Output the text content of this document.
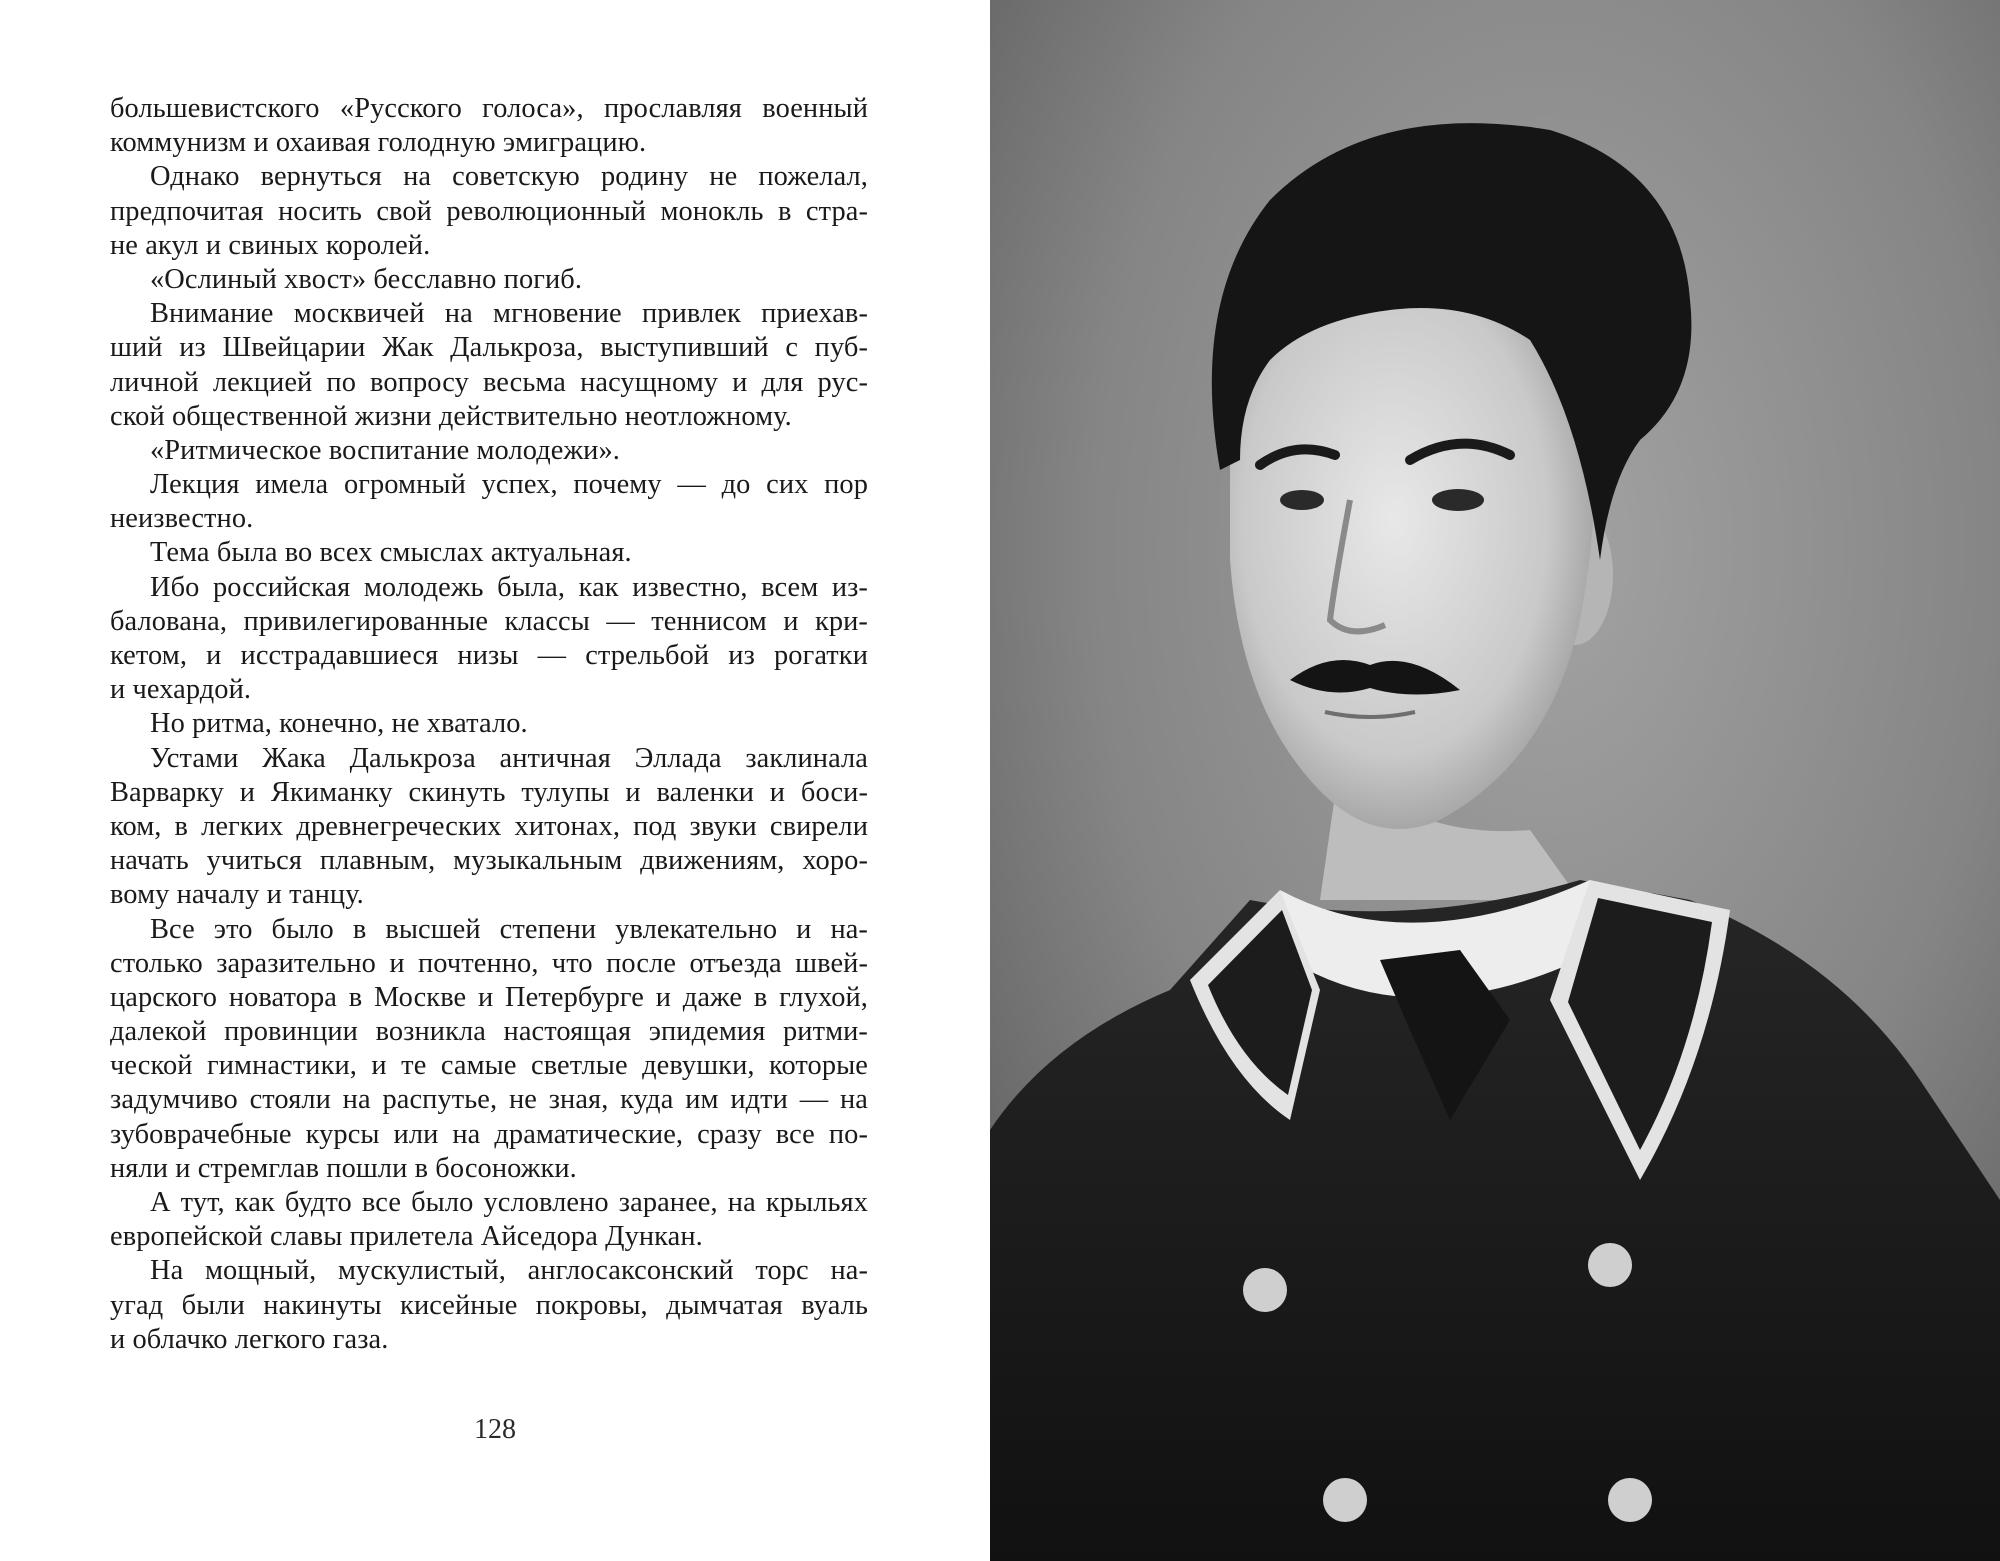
большевистского «Русского голоса», прославляя военный
коммунизм и охаивая голодную эмиграцию.
Однако вернуться на советскую родину не пожелал,
предпочитая носить свой революционный монокль в стра-
не акул и свиных королей.
«Ослиный хвост» бесславно погиб.
Внимание москвичей на мгновение привлек приехав-
ший из Швейцарии Жак Далькроза, выступивший с пуб-
личной лекцией по вопросу весьма насущному и для рус-
ской общественной жизни действительно неотложному.
«Ритмическое воспитание молодежи».
Лекция имела огромный успех, почему — до сих пор
неизвестно.
Тема была во всех смыслах актуальная.
Ибо российская молодежь была, как известно, всем из-
балована, привилегированные классы — теннисом и кри-
кетом, и исстрадавшиеся низы — стрельбой из рогатки
и чехардой.
Но ритма, конечно, не хватало.
Устами Жака Далькроза античная Эллада заклинала
Варварку и Якиманку скинуть тулупы и валенки и боси-
ком, в легких древнегреческих хитонах, под звуки свирели
начать учиться плавным, музыкальным движениям, хоро-
вому началу и танцу.
Все это было в высшей степени увлекательно и на-
столько заразительно и почтенно, что после отъезда швей-
царского новатора в Москве и Петербурге и даже в глухой,
далекой провинции возникла настоящая эпидемия ритми-
ческой гимнастики, и те самые светлые девушки, которые
задумчиво стояли на распутье, не зная, куда им идти — на
зубоврачебные курсы или на драматические, сразу все по-
няли и стремглав пошли в босоножки.
А тут, как будто все было условлено заранее, на крыльях
европейской славы прилетела Айседора Дункан.
На мощный, мускулистый, англосаксонский торс на-
угад были накинуты кисейные покровы, дымчатая вуаль
и облачко легкого газа.
128
